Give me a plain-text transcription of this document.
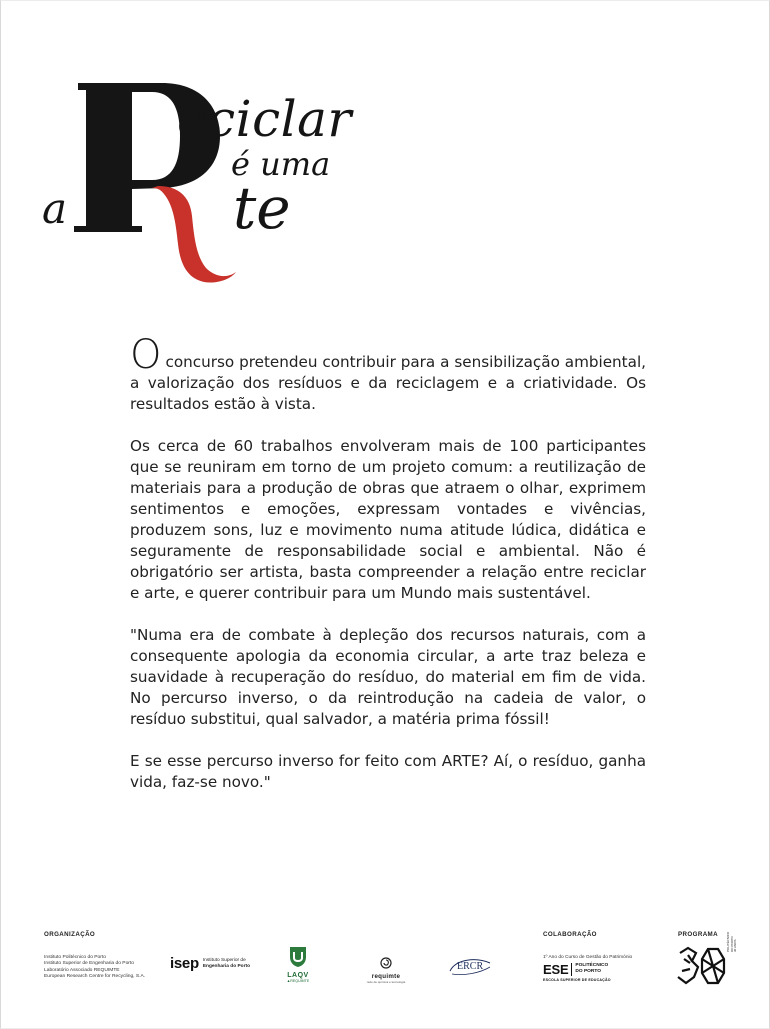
eciclar
é uma
a	te

Oconcurso pretendeu contribuir para a sensibilização ambiental, a valorização dos resíduos e da reciclagem e a criatividade. Os resultados estão à vista.

Os cerca de 60 trabalhos envolveram mais de 100 participantes que se reuniram em torno de um projeto comum: a reutilização de materiais para a produção de obras que atraem o olhar, exprimem sentimentos e emoções, expressam vontades e vivências, produzem sons, luz e movimento numa atitude lúdica, didática e seguramente de responsabilidade social e ambiental. Não é obrigatório ser artista, basta compreender a relação entre reciclar e arte, e querer contribuir para um Mundo mais sustentável.

"Numa era de combate à depleção dos recursos naturais, com a consequente apologia da economia circular, a arte traz beleza e suavidade à recuperação do resíduo, do material em fim de vida. No percurso inverso, o da reintrodução na cadeia de valor, o resíduo substitui, qual salvador, a matéria prima fóssil!

E se esse percurso inverso for feito com ARTE? Aí, o resíduo, ganha vida, faz-se novo."

ORGANIZAÇÃO	COLABORAÇÃO	PROGRAMA
Instituto Politécnico do Porto
Instituto Superior de Engenharia do Porto
Laboratório Associado REQUIMTE
European Research Centre for Recycling, S.A.
isep Instituto Superior de
Engenharia do Porto
LAQV
▲REQUIMTE
requimte
rede de química e tecnologia
ERCR
1º Ano do Curso de Gestão do Património
ESE	POLITÉCNICO
DO PORTO
ESCOLA SUPERIOR DE EDUCAÇÃO
POLITÉCNICO
DO PORTO
30 ANOS
